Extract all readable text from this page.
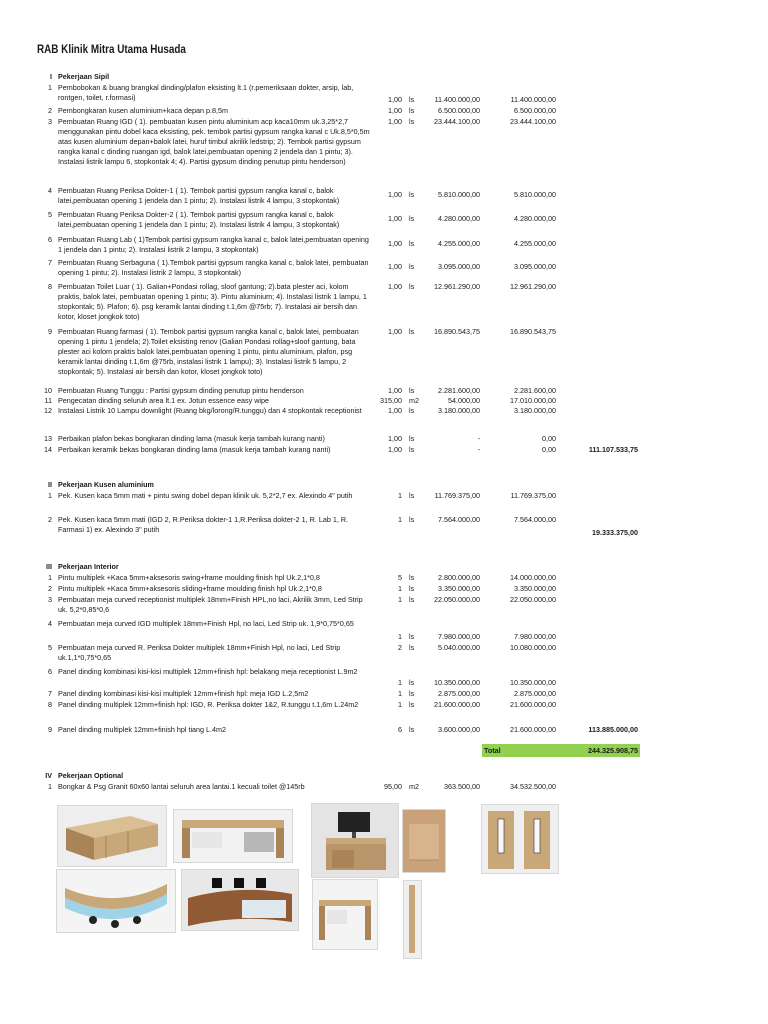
RAB Klinik Mitra Utama Husada
I Pekerjaan Sipil
1 Pembobokan & buang brangkal dinding/plafon eksisting lt.1 (r.pemeriksaan dokter, arsip, lab, rontgen, toilet, r.formasi)	1,00 ls	11.400.000,00	11.400.000,00
2 Pembongkaran kusen aluminium+kaca depan p.8,5m	1,00 ls	6.500.000,00	6.500.000,00
3 Pembuatan Ruang IGD ( 1). pembuatan kusen pintu aluminium acp kaca10mm uk.3,25*2,7 menggunakan pintu dobel kaca eksisting, pek. tembok partisi gypsum rangka kanal c Uk.8,5*0,5m atas kusen aluminium depan+balok latei, huruf timbul akrilik ledstrip; 2). Tembok partisi gypsum rangka kanal c dinding ruangan igd, balok latei,pembuatan opening 2 jendela dan 1 pintu; 3). Instalasi listrik lampu 6, stopkontak 4; 4). Partisi gypsum dinding penutup pintu henderson)
1,00 ls	23.444.100,00	23.444.100,00
4 Pembuatan Ruang Periksa Dokter-1 ( 1). Tembok partisi gypsum rangka kanal c, balok latei,pembuatan opening 1 jendela dan 1 pintu; 2). Instalasi listrik 4 lampu, 3 stopkontak)
1,00 ls	5.810.000,00	5.810.000,00
5 Pembuatan Ruang Periksa Dokter-2 ( 1). Tembok partisi gypsum rangka kanal c, balok latei,pembuatan opening 1 jendela dan 1 pintu; 2). Instalasi listrik 4 lampu, 3 stopkontak)
1,00 ls	4.280.000,00	4.280.000,00
6 Pembuatan Ruang Lab ( 1)Tembok partisi gypsum rangka kanal c, balok latei,pembuatan opening 1 jendela dan 1 pintu; 2). Instalasi listrik 2 lampu, 3 stopkontak)
1,00 ls	4.255.000,00	4.255.000,00
7 Pembuatan Ruang Serbaguna ( 1).Tembok partisi gypsum rangka kanal c, balok latei, pembuatan opening 1 pintu; 2). Instalasi listrik 2 lampu, 3 stopkontak)
1,00 ls	3.095.000,00	3.095.000,00
8 Pembuatan Toilet Luar ( 1). Galian+Pondasi rollag, sloof gantung; 2).bata plester aci, kolom praktis, balok latei, pembuatan opening 1 pintu; 3). Pintu aluminium; 4). Instalasi listrik 1 lampu, 1 stopkontak; 5). Plafon; 6). psg keramik lantai dinding t.1,6m @75rb; 7). Instalasi air bersih dan kotor, kloset jongkok toto)
1,00 ls	12.961.290,00	12.961.290,00
9 Pembuatan Ruang farmasi ( 1). Tembok partisi gypsum rangka kanal c, balok latei, pembuatan opening 1 pintu 1 jendela; 2).Toilet eksisting renov (Galian Pondasi rollag+sloof gantung, bata plester aci kolom praktis balok latei,pembuatan opening 1 pintu, pintu aluminium, plafon, psg keramik lantai dinding t.1,6m @75rb, instalasi listrik 1 lampu); 3). Instalasi listrik 5 lampu, 2 stopkontak; 5). Instalasi air bersih dan kotor, kloset jongkok toto)
1,00 ls	16.890.543,75	16.890.543,75
10 Pembuatan Ruang Tunggu : Partisi gypsum dinding penutup pintu henderson	1,00 ls	2.281.600,00	2.281.600,00
11 Pengecatan dinding seluruh area lt.1 ex. Jotun essence easy wipe	315,00 m2	54.000,00	17.010.000,00
12 Instalasi Listrik 10 Lampu downlight (Ruang bkg/lorong/R.tunggu) dan 4 stopkontak receptionist	1,00 ls	3.180.000,00	3.180.000,00
13 Perbaikan plafon bekas bongkaran dinding lama (masuk kerja tambah kurang nanti)	1,00 ls	-	0,00
14 Perbaikan keramik bekas bongkaran dinding lama (masuk kerja tambah kurang nanti)	1,00 ls	-	0,00	111.107.533,75
II Pekerjaan Kusen aluminium
1 Pek. Kusen kaca 5mm mati + pintu swing dobel depan klinik uk. 5,2*2,7 ex. Alexindo 4" putih	1 ls	11.769.375,00	11.769.375,00
2 Pek. Kusen kaca 5mm mati (IGD 2, R.Periksa dokter-1 1,R.Periksa dokter-2 1, R. Lab 1, R. Farmasi 1) ex. Alexindo 3" putih
1 ls	7.564.000,00	7.564.000,00
19.333.375,00
III Pekerjaan Interior
1 Pintu multiplek +Kaca 5mm+aksesoris swing+frame moulding finish hpl Uk.2,1*0,8	5 ls	2.800.000,00	14.000.000,00
2 Pintu multiplek +Kaca 5mm+aksesoris sliding+frame moulding finish hpl Uk.2,1*0,8	1 ls	3.350.000,00	3.350.000,00
3 Pembuatan meja curved receptionist multiplek 18mm+Finish HPL,no laci, Akrilik 3mm, Led Strip uk. 5,2*0,85*0,6
1 ls	22.050.000,00	22.050.000,00
4 Pembuatan meja curved IGD multiplek 18mm+Finish Hpl, no laci, Led Strip uk. 1,9*0,75*0,65
1 ls	7.980.000,00	7.980.000,00
5 Pembuatan meja curved R. Periksa Dokter multiplek 18mm+Finish Hpl, no laci, Led Strip uk.1,1*0,75*0,65
2 ls	5.040.000,00	10.080.000,00
6 Panel dinding kombinasi kisi-kisi multiplek 12mm+finish hpl: belakang meja receptionist L.9m2
1 ls	10.350.000,00	10.350.000,00
7 Panel dinding kombinasi kisi-kisi multiplek 12mm+finish hpl: meja IGD L.2,5m2	1 ls	2.875.000,00	2.875.000,00
8 Panel dinding multiplek 12mm+finish hpl: IGD, R. Periksa dokter 1&2, R.tunggu t.1,6m L.24m2	1 ls	21.600.000,00	21.600.000,00
9 Panel dinding multiplek 12mm+finish hpl tiang L.4m2	6 ls	3.600.000,00	21.600.000,00	113.885.000,00
Total	244.325.908,75
IV Pekerjaan Optional
1 Bongkar & Psg Granit 60x60 lantai seluruh area lantai.1 kecuali toilet @145rb	95,00 m2	363.500,00	34.532.500,00
